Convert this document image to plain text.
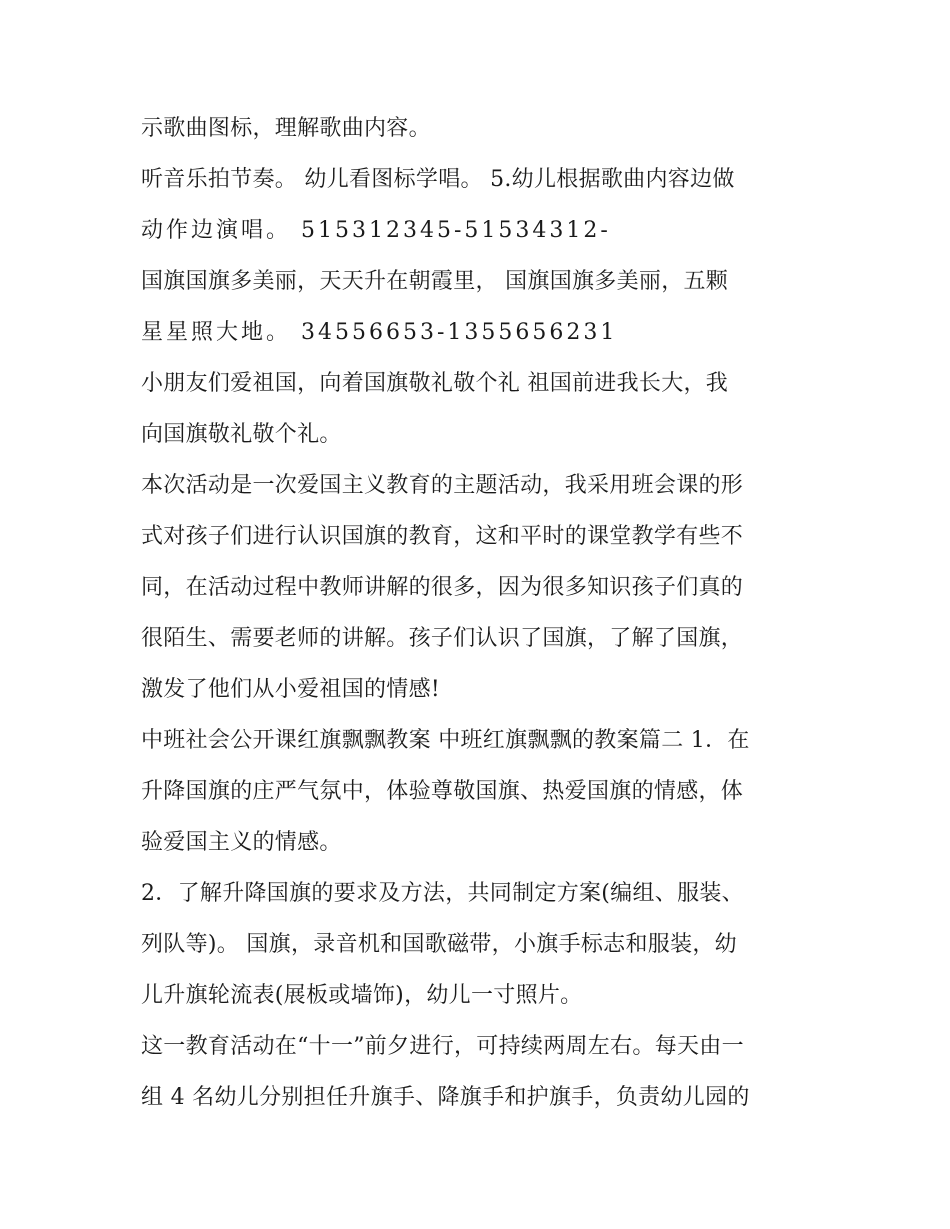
示歌曲图标，理解歌曲内容。
听音乐拍节奏。 幼儿看图标学唱。 5.幼儿根据歌曲内容边做
动作边演唱。 515312345-51534312-
国旗国旗多美丽，天天升在朝霞里， 国旗国旗多美丽，五颗
星星照大地。 34556653-1355656231
小朋友们爱祖国，向着国旗敬礼敬个礼 祖国前进我长大，我
向国旗敬礼敬个礼。
本次活动是一次爱国主义教育的主题活动，我采用班会课的形
式对孩子们进行认识国旗的教育，这和平时的课堂教学有些不
同，在活动过程中教师讲解的很多，因为很多知识孩子们真的
很陌生、需要老师的讲解。孩子们认识了国旗，了解了国旗，
激发了他们从小爱祖国的情感!
中班社会公开课红旗飘飘教案 中班红旗飘飘的教案篇二 1．在
升降国旗的庄严气氛中，体验尊敬国旗、热爱国旗的情感，体
验爱国主义的情感。
2．了解升降国旗的要求及方法，共同制定方案(编组、服装、
列队等)。 国旗，录音机和国歌磁带，小旗手标志和服装，幼
儿升旗轮流表(展板或墙饰)，幼儿一寸照片。
这一教育活动在“十一”前夕进行，可持续两周左右。每天由一
组 4 名幼儿分别担任升旗手、降旗手和护旗手，负责幼儿园的
